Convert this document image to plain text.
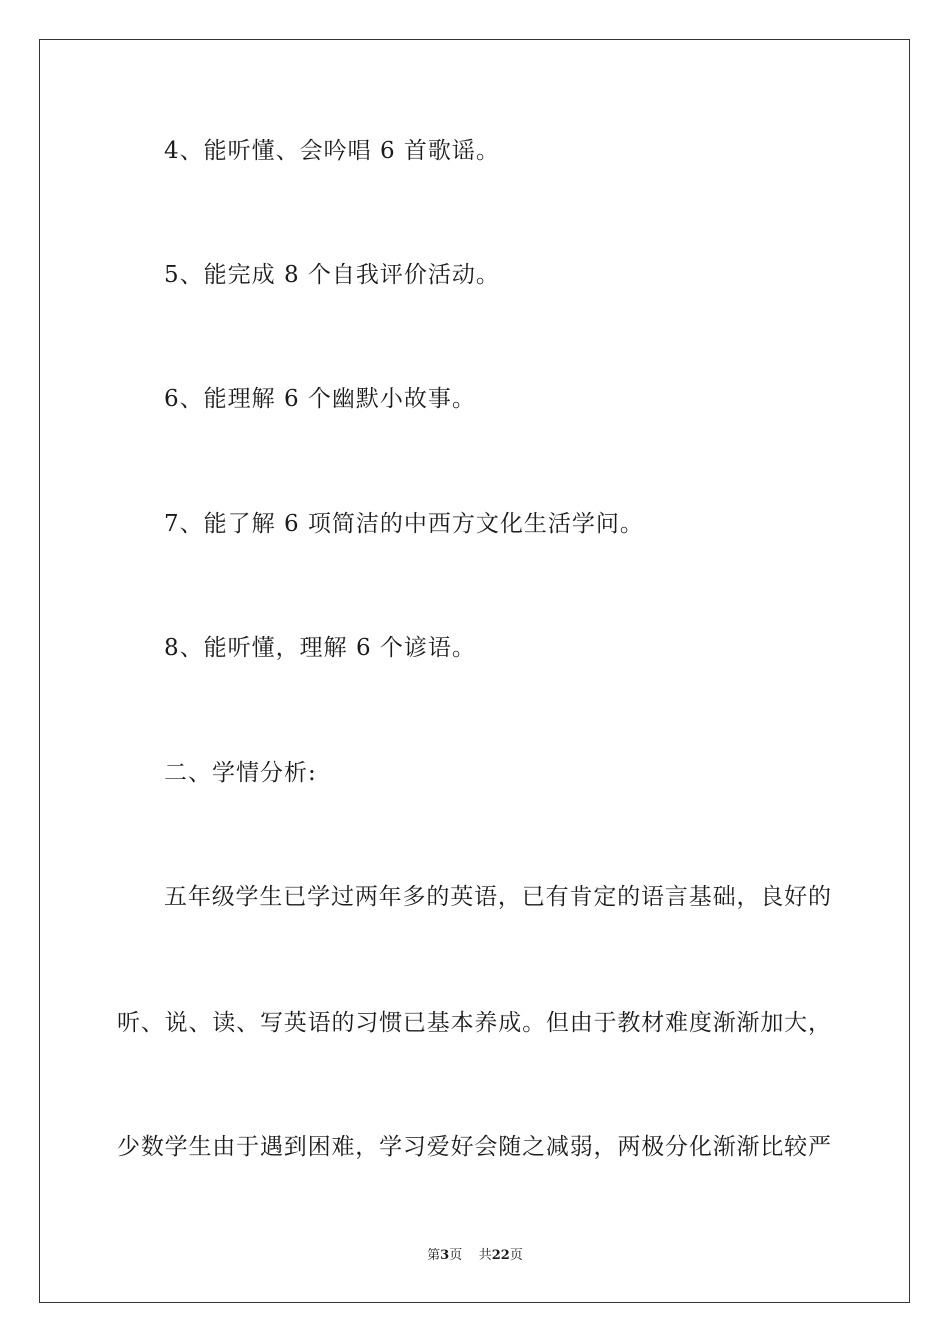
4、能听懂、会吟唱 6 首歌谣。
5、能完成 8 个自我评价活动。
6、能理解 6 个幽默小故事。
7、能了解 6 项简洁的中西方文化生活学问。
8、能听懂，理解 6 个谚语。
二、学情分析:
五年级学生已学过两年多的英语，已有肯定的语言基础，良好的
听、说、读、写英语的习惯已基本养成。但由于教材难度渐渐加大，
少数学生由于遇到困难，学习爱好会随之减弱，两极分化渐渐比较严
第3页 共22页
